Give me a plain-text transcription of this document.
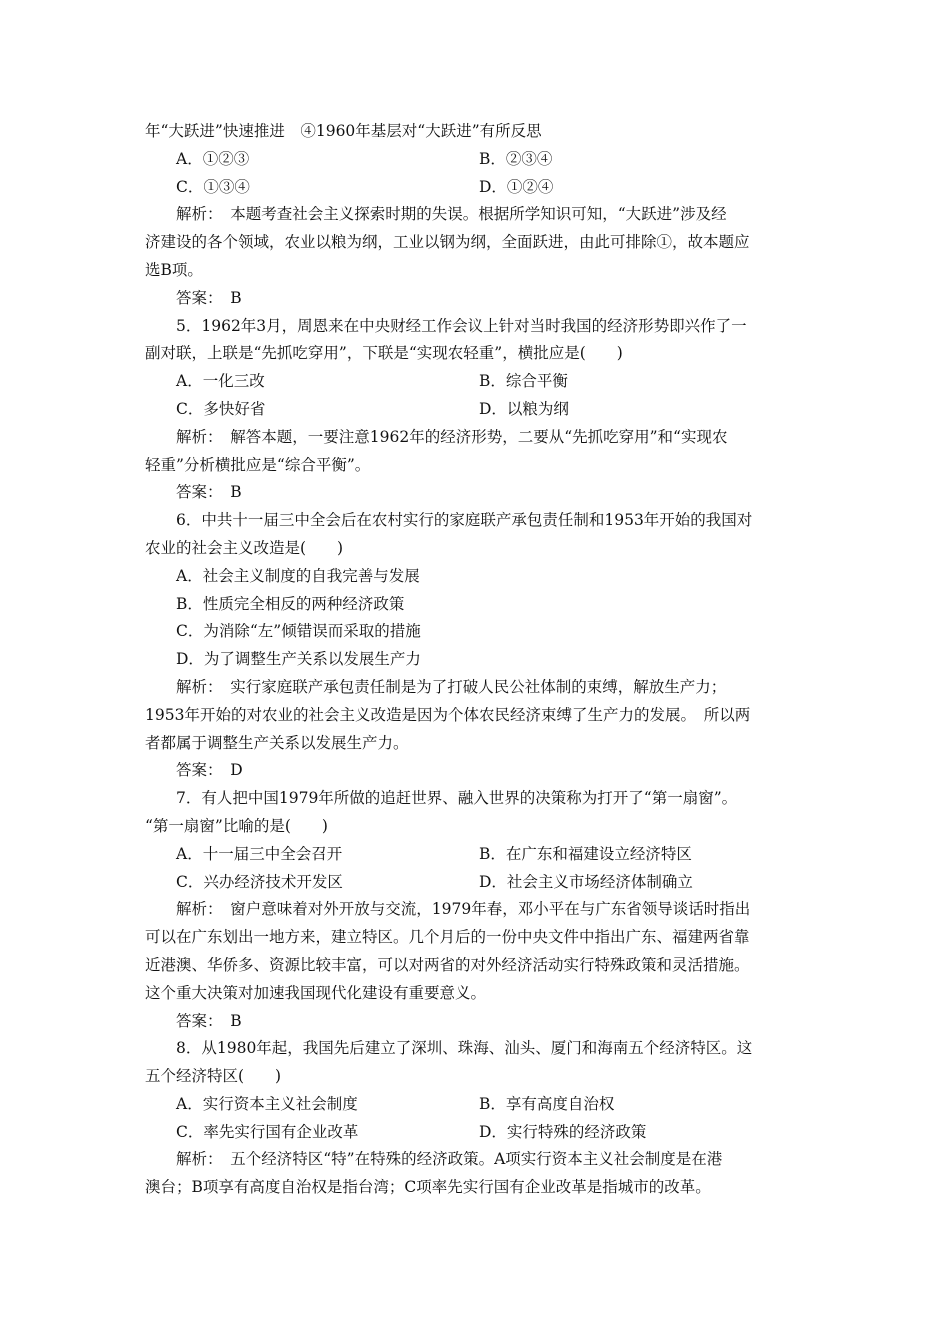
年“大跃进”快速推进　④1960年基层对“大跃进”有所反思
A．①②③	B．②③④
C．①③④	D．①②④
解析：　本题考查社会主义探索时期的失误。根据所学知识可知，“大跃进”涉及经
济建设的各个领域，农业以粮为纲，工业以钢为纲，全面跃进，由此可排除①，故本题应
选B项。
答案：　B
5．1962年3月，周恩来在中央财经工作会议上针对当时我国的经济形势即兴作了一
副对联，上联是“先抓吃穿用”，下联是“实现农轻重”，横批应是(　　)
A．一化三改	B．综合平衡
C．多快好省	D．以粮为纲
解析：　解答本题，一要注意1962年的经济形势，二要从“先抓吃穿用”和“实现农
轻重”分析横批应是“综合平衡”。
答案：　B
6．中共十一届三中全会后在农村实行的家庭联产承包责任制和1953年开始的我国对
农业的社会主义改造是(　　)
A．社会主义制度的自我完善与发展
B．性质完全相反的两种经济政策
C．为消除“左”倾错误而采取的措施
D．为了调整生产关系以发展生产力
解析：　实行家庭联产承包责任制是为了打破人民公社体制的束缚，解放生产力；
1953年开始的对农业的社会主义改造是因为个体农民经济束缚了生产力的发展。　所以两
者都属于调整生产关系以发展生产力。
答案：　D
7．有人把中国1979年所做的追赶世界、融入世界的决策称为打开了“第一扇窗”。
“第一扇窗”比喻的是(　　)
A．十一届三中全会召开	B．在广东和福建设立经济特区
C．兴办经济技术开发区	D．社会主义市场经济体制确立
解析：　窗户意味着对外开放与交流，1979年春，邓小平在与广东省领导谈话时指出
可以在广东划出一地方来，建立特区。几个月后的一份中央文件中指出广东、福建两省靠
近港澳、华侨多、资源比较丰富，可以对两省的对外经济活动实行特殊政策和灵活措施。
这个重大决策对加速我国现代化建设有重要意义。
答案：　B
8．从1980年起，我国先后建立了深圳、珠海、汕头、厦门和海南五个经济特区。这
五个经济特区(　　)
A．实行资本主义社会制度	B．享有高度自治权
C．率先实行国有企业改革	D．实行特殊的经济政策
解析：　五个经济特区“特”在特殊的经济政策。A项实行资本主义社会制度是在港
澳台；B项享有高度自治权是指台湾；C项率先实行国有企业改革是指城市的改革。
